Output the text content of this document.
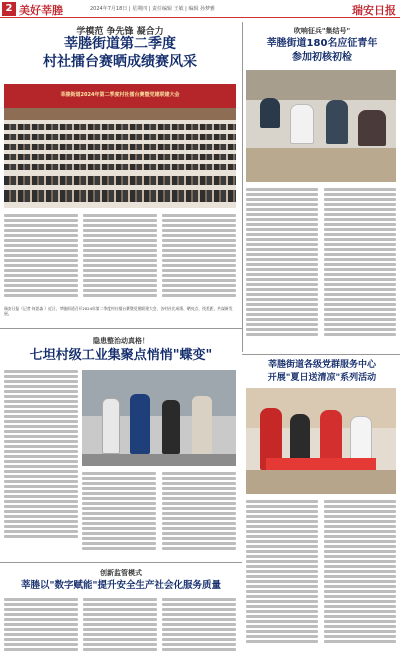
2 美好莘塍	2024年7月18日 | 星期四 | 责任编辑 王敏 | 编辑 孙梦雅	瑞安日报
学模范 争先锋 凝合力
莘塍街道第二季度
村社擂台赛晒成绩赛风采
莘塍街道2024年第二季度村社擂台赛暨党建联建大会
瑞安日报（记者 何思淼 ）近日，莘塍街道召开2024年第二季度村社擂台赛暨党建联建大会，各村社比成绩、晒亮点、找差距，共谋新发展。
吹响征兵"集结号"
莘塍街道180名应征青年
参加初核初检
隐患整治动真格！
七坦村级工业集聚点悄悄"蝶变"
莘塍街道各级党群服务中心
开展"夏日送清凉"系列活动
创新监管模式
莘塍以"数字赋能"提升安全生产社会化服务质量
